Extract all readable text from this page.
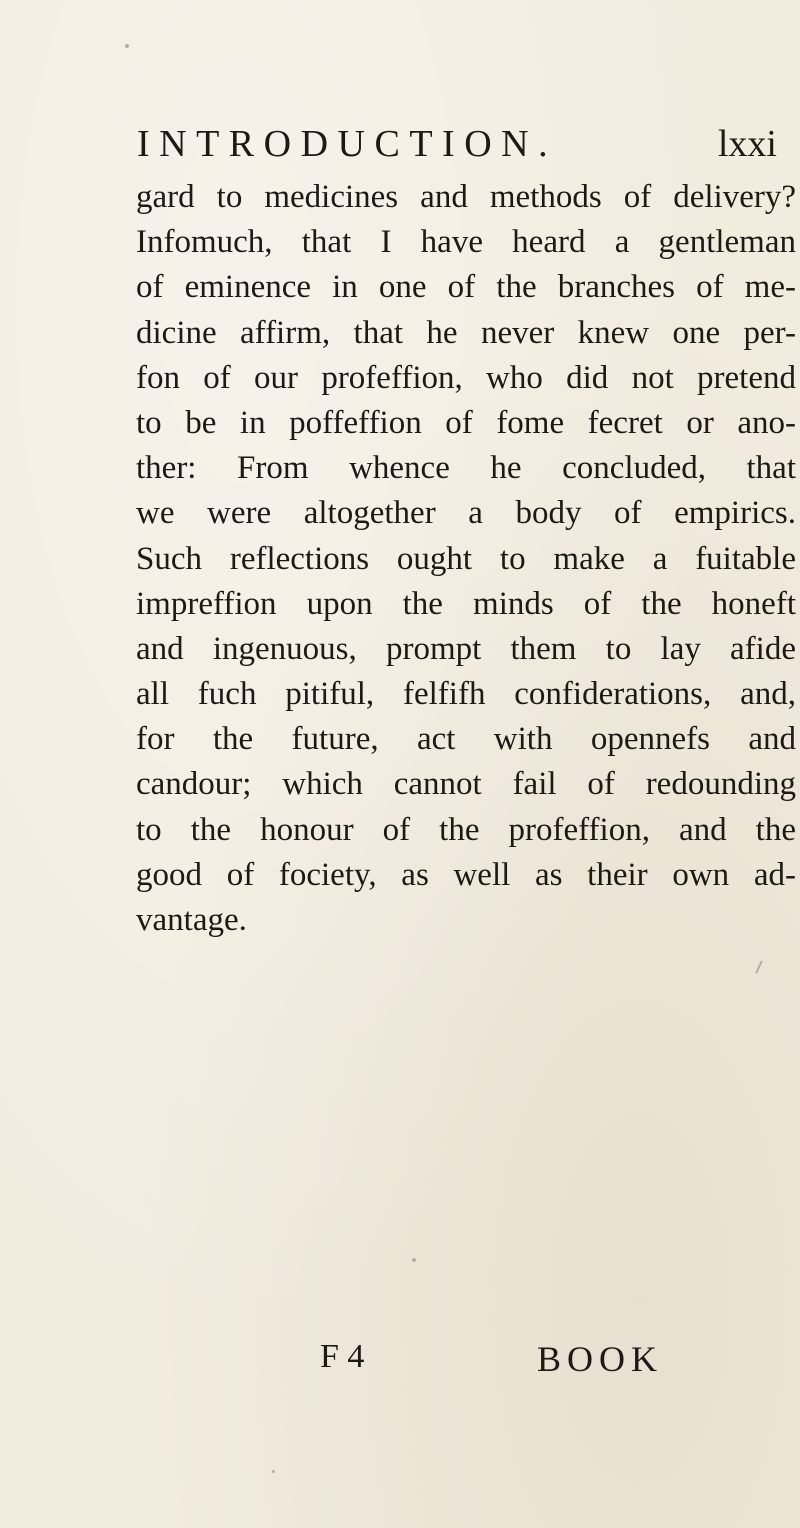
INTRODUCTION.	lxxi
gard to medicines and methods of delivery?
Infomuch, that I have heard a gentleman
of eminence in one of the branches of me-
dicine affirm, that he never knew one per-
fon of our profeffion, who did not pretend
to be in poffeffion of fome fecret or ano-
ther: From whence he concluded, that
we were altogether a body of empirics.
Such reflections ought to make a fuitable
impreffion upon the minds of the honeft
and ingenuous, prompt them to lay afide
all fuch pitiful, felfifh confiderations, and,
for the future, act with opennefs and
candour; which cannot fail of redounding
to the honour of the profeffion, and the
good of fociety, as well as their own ad-
vantage.
F 4	BOOK
